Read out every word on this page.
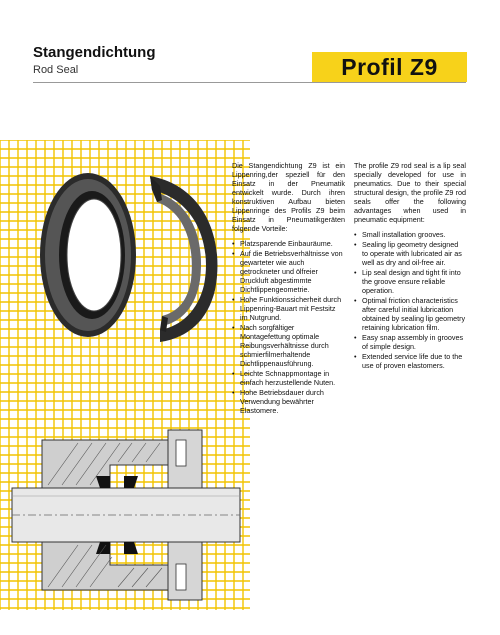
Stangendichtung
Rod Seal	Profil Z9

Die Stangendichtung Z9 ist ein Lippenring,der speziell für den Einsatz in der Pneumatik entwickelt wurde. Durch ihren konstruktiven Aufbau bieten Lippenringe des Profils Z9 beim Einsatz in Pneumatikgeräten folgende Vorteile:

• Platzsparende Einbauräume.
• Auf die Betriebsverhältnisse von gewarteter wie auch getrockneter und ölfreier Druckluft abgestimmte Dichtlippengeometrie.
• Hohe Funktionssicherheit durch Lippenring-Bauart mit Festsitz im Nutgrund.
• Nach sorgfältiger Montagefettung optimale Reibungsverhältnisse durch schmierfilmerhaltende Dichtlippenausführung.
• Leichte Schnappmontage in einfach herzustellende Nuten.
• Hohe Betriebsdauer durch Verwendung bewährter Elastomere.

The profile Z9 rod seal is a lip seal specially developed for use in pneumatics. Due to their special structural design, the profile Z9 rod seals offer the following advantages when used in pneumatic equipment:

• Small installation grooves.
• Sealing lip geometry designed to operate with lubricated air as well as dry and oil-free air.
• Lip seal design and tight fit into the groove ensure reliable operation.
• Optimal friction characteristics after careful initial lubrication obtained by sealing lip geometry retaining lubrication film.
• Easy snap assembly in grooves of simple design.
• Extended service life due to the use of proven elastomers.
